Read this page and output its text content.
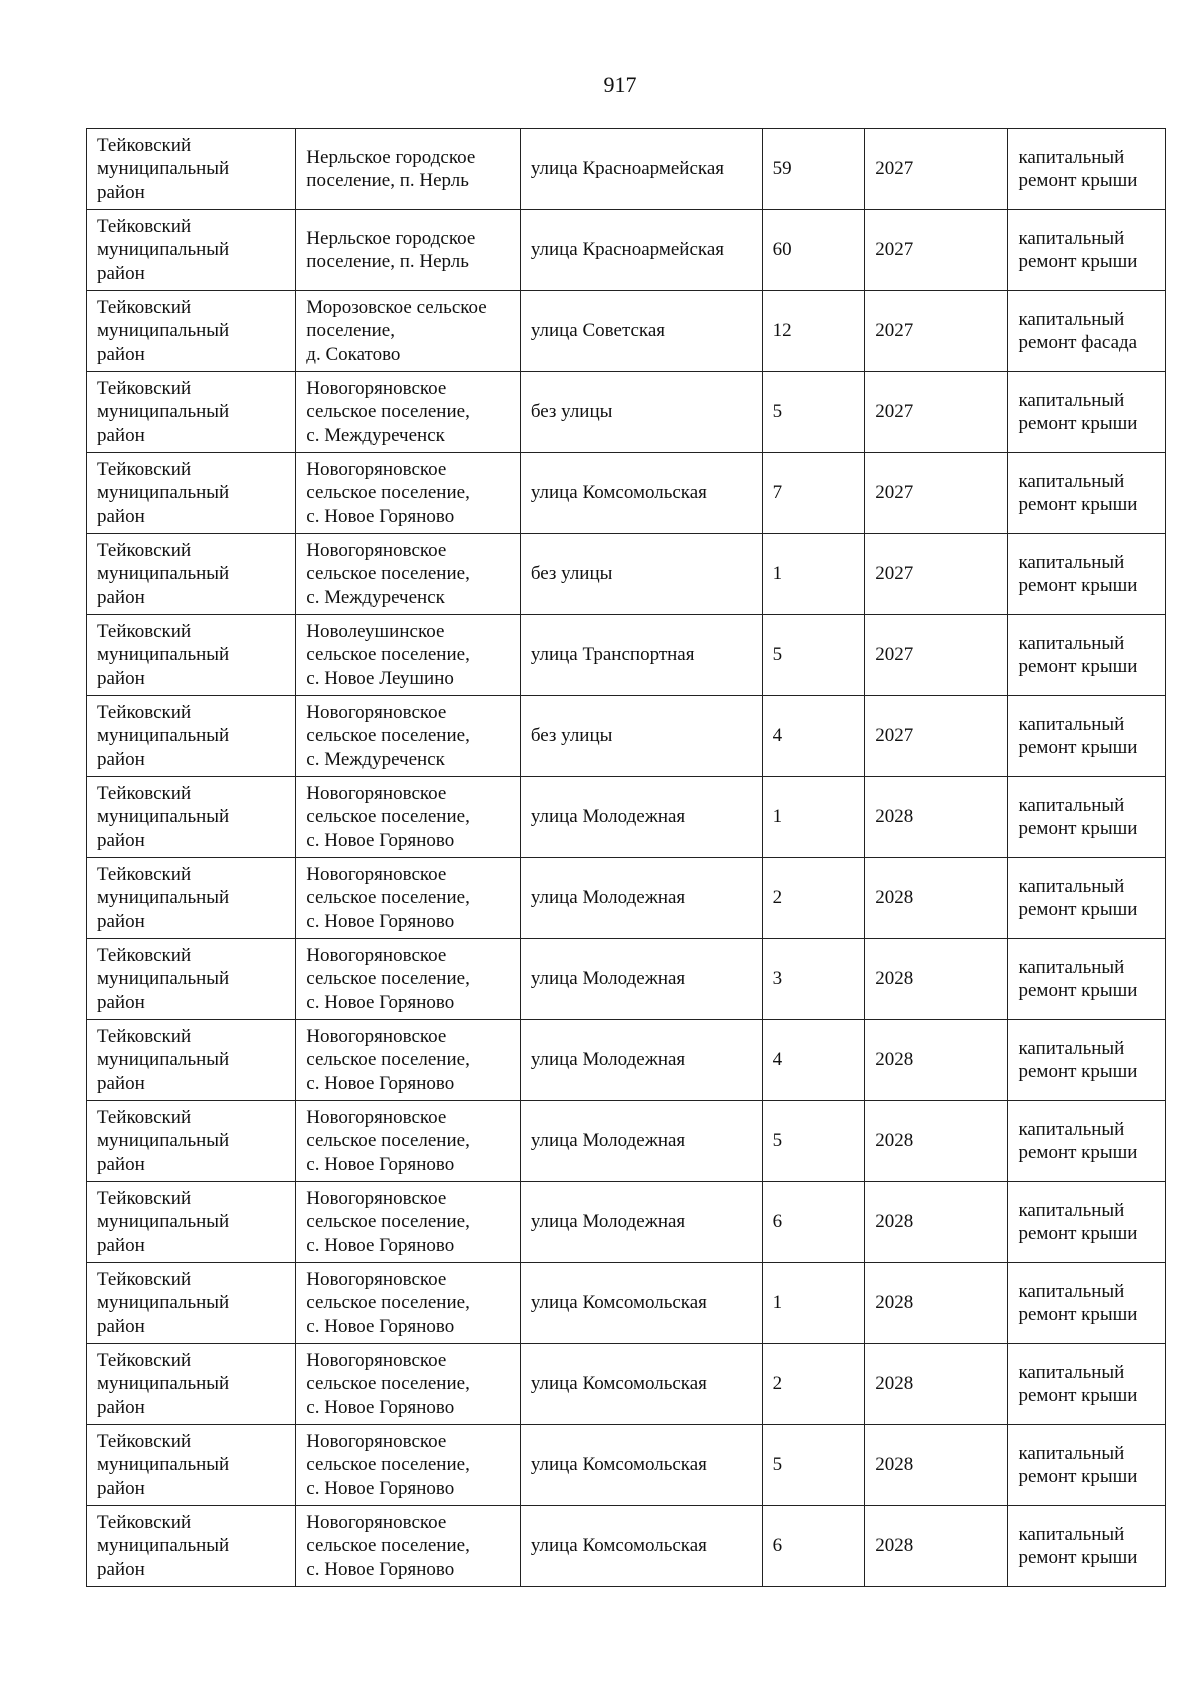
917
Тейковский
муниципальный
район	Нерльское городское
поселение, п. Нерль	улица Красноармейская	59	2027	капитальный
ремонт крыши

Тейковский
муниципальный
район	Нерльское городское
поселение, п. Нерль	улица Красноармейская	60	2027	капитальный
ремонт крыши

Тейковский
муниципальный
район	Морозовское сельское
поселение,
д. Сокатово	улица Советская	12	2027	капитальный
ремонт фасада

Тейковский
муниципальный
район	Новогоряновское
сельское поселение,
с. Междуреченск	без улицы	5	2027	капитальный
ремонт крыши

Тейковский
муниципальный
район	Новогоряновское
сельское поселение,
с. Новое Горяново	улица Комсомольская	7	2027	капитальный
ремонт крыши

Тейковский
муниципальный
район	Новогоряновское
сельское поселение,
с. Междуреченск	без улицы	1	2027	капитальный
ремонт крыши

Тейковский
муниципальный
район	Новолеушинское
сельское поселение,
с. Новое Леушино	улица Транспортная	5	2027	капитальный
ремонт крыши

Тейковский
муниципальный
район	Новогоряновское
сельское поселение,
с. Междуреченск	без улицы	4	2027	капитальный
ремонт крыши

Тейковский
муниципальный
район	Новогоряновское
сельское поселение,
с. Новое Горяново	улица Молодежная	1	2028	капитальный
ремонт крыши

Тейковский
муниципальный
район	Новогоряновское
сельское поселение,
с. Новое Горяново	улица Молодежная	2	2028	капитальный
ремонт крыши

Тейковский
муниципальный
район	Новогоряновское
сельское поселение,
с. Новое Горяново	улица Молодежная	3	2028	капитальный
ремонт крыши

Тейковский
муниципальный
район	Новогоряновское
сельское поселение,
с. Новое Горяново	улица Молодежная	4	2028	капитальный
ремонт крыши

Тейковский
муниципальный
район	Новогоряновское
сельское поселение,
с. Новое Горяново	улица Молодежная	5	2028	капитальный
ремонт крыши

Тейковский
муниципальный
район	Новогоряновское
сельское поселение,
с. Новое Горяново	улица Молодежная	6	2028	капитальный
ремонт крыши

Тейковский
муниципальный
район	Новогоряновское
сельское поселение,
с. Новое Горяново	улица Комсомольская	1	2028	капитальный
ремонт крыши

Тейковский
муниципальный
район	Новогоряновское
сельское поселение,
с. Новое Горяново	улица Комсомольская	2	2028	капитальный
ремонт крыши

Тейковский
муниципальный
район	Новогоряновское
сельское поселение,
с. Новое Горяново	улица Комсомольская	5	2028	капитальный
ремонт крыши

Тейковский
муниципальный
район	Новогоряновское
сельское поселение,
с. Новое Горяново	улица Комсомольская	6	2028	капитальный
ремонт крыши
